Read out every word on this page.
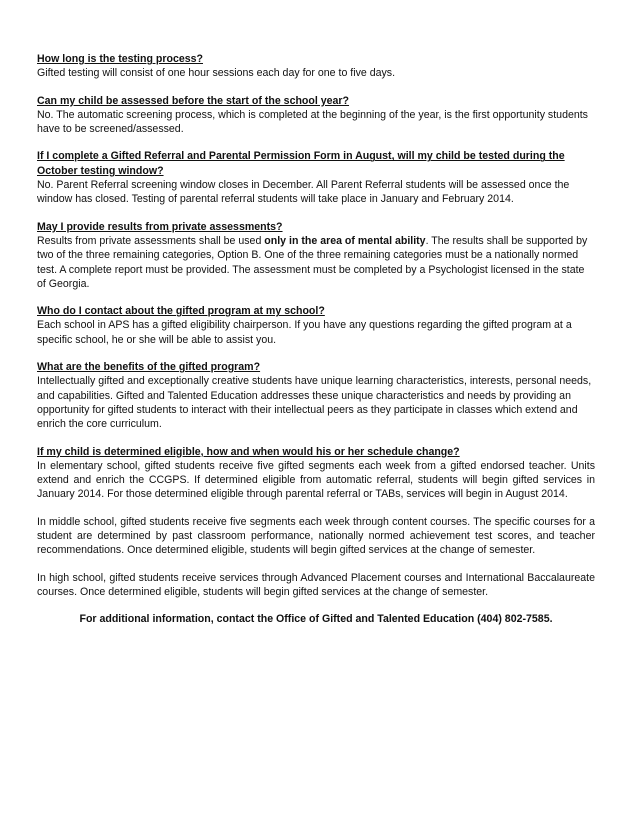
How long is the testing process?

Gifted testing will consist of one hour sessions each day for one to five days.

Can my child be assessed before the start of the school year?

No. The automatic screening process, which is completed at the beginning of the year, is the first opportunity students have to be screened/assessed.

If I complete a Gifted Referral and Parental Permission Form in August, will my child be tested during the October testing window?

No. Parent Referral screening window closes in December. All Parent Referral students will be assessed once the window has closed. Testing of parental referral students will take place in January and February 2014.

May I provide results from private assessments?

Results from private assessments shall be used only in the area of mental ability. The results shall be supported by two of the three remaining categories, Option B. One of the three remaining categories must be a nationally normed test. A complete report must be provided. The assessment must be completed by a Psychologist licensed in the state of Georgia.

Who do I contact about the gifted program at my school?

Each school in APS has a gifted eligibility chairperson. If you have any questions regarding the gifted program at a specific school, he or she will be able to assist you.

What are the benefits of the gifted program?

Intellectually gifted and exceptionally creative students have unique learning characteristics, interests, personal needs, and capabilities. Gifted and Talented Education addresses these unique characteristics and needs by providing an opportunity for gifted students to interact with their intellectual peers as they participate in classes which extend and enrich the core curriculum.

If my child is determined eligible, how and when would his or her schedule change?

In elementary school, gifted students receive five gifted segments each week from a gifted endorsed teacher. Units extend and enrich the CCGPS. If determined eligible from automatic referral, students will begin gifted services in January 2014. For those determined eligible through parental referral or TABs, services will begin in August 2014.

In middle school, gifted students receive five segments each week through content courses. The specific courses for a student are determined by past classroom performance, nationally normed achievement test scores, and teacher recommendations. Once determined eligible, students will begin gifted services at the change of semester.

In high school, gifted students receive services through Advanced Placement courses and International Baccalaureate courses. Once determined eligible, students will begin gifted services at the change of semester.

For additional information, contact the Office of Gifted and Talented Education (404) 802-7585.
